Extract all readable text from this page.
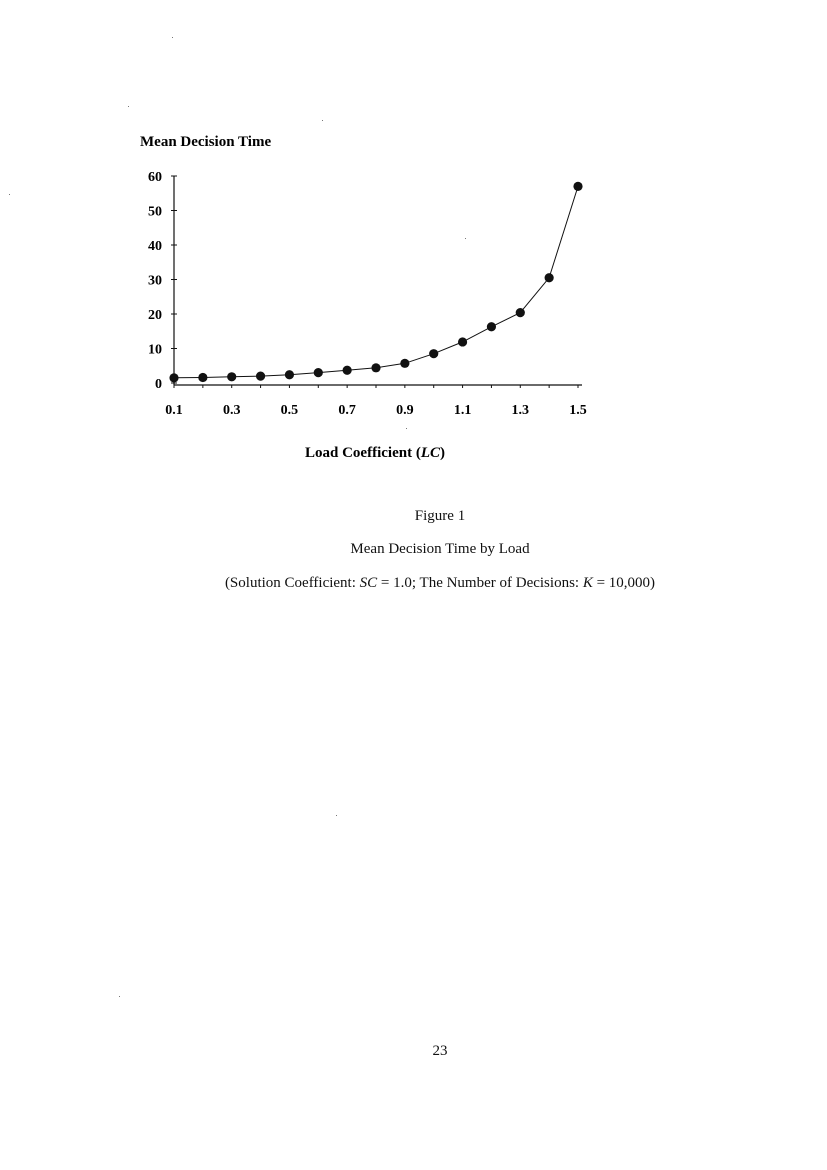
Mean Decision Time
0
10
20
30
40
50
60
0.1	0.3	0.5	0.7	0.9	1.1	1.3	1.5
Load Coefficient (LC)
Figure 1
Mean Decision Time by Load
(Solution Coefficient: SC = 1.0; The Number of Decisions: K = 10,000)
23
